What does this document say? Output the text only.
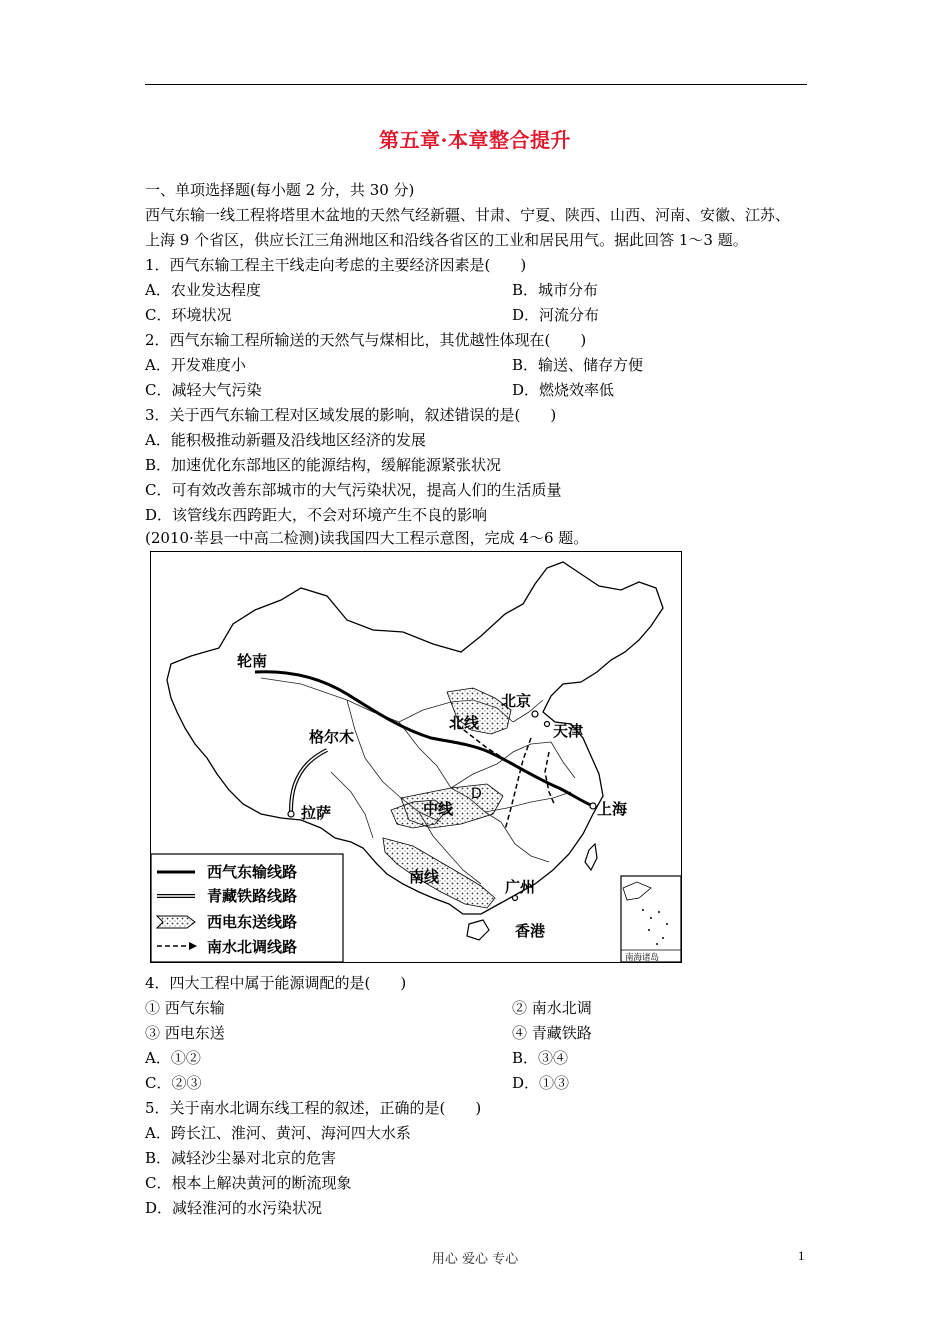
第五章·本章整合提升
一、单项选择题(每小题 2 分，共 30 分)
西气东输一线工程将塔里木盆地的天然气经新疆、甘肃、宁夏、陕西、山西、河南、安徽、江苏、
上海 9 个省区，供应长江三角洲地区和沿线各省区的工业和居民用气。据此回答 1～3 题。
1．西气东输工程主干线走向考虑的主要经济因素是(　　)
A．农业发达程度	B．城市分布
C．环境状况	D．河流分布
2．西气东输工程所输送的天然气与煤相比，其优越性体现在(　　)
A．开发难度小	B．输送、储存方便
C．减轻大气污染	D．燃烧效率低
3．关于西气东输工程对区域发展的影响，叙述错误的是(　　)
A．能积极推动新疆及沿线地区经济的发展
B．加速优化东部地区的能源结构，缓解能源紧张状况
C．可有效改善东部城市的大气污染状况，提高人们的生活质量
D．该管线东西跨距大，不会对环境产生不良的影响
(2010·莘县一中高二检测)读我国四大工程示意图，完成 4～6 题。
轮南
格尔木
拉萨
北京
天津
上海
广州
香港
北线
中线
南线
D
西气东输线路
青藏铁路线路
西电东送线路
南水北调线路
南海诸岛
4．四大工程中属于能源调配的是(　　)
① 西气东输	② 南水北调
③ 西电东送	④ 青藏铁路
A．①②	B．③④
C．②③	D．①③
5．关于南水北调东线工程的叙述，正确的是(　　)
A．跨长江、淮河、黄河、海河四大水系
B．减轻沙尘暴对北京的危害
C．根本上解决黄河的断流现象
D．减轻淮河的水污染状况
用心 爱心 专心	1
